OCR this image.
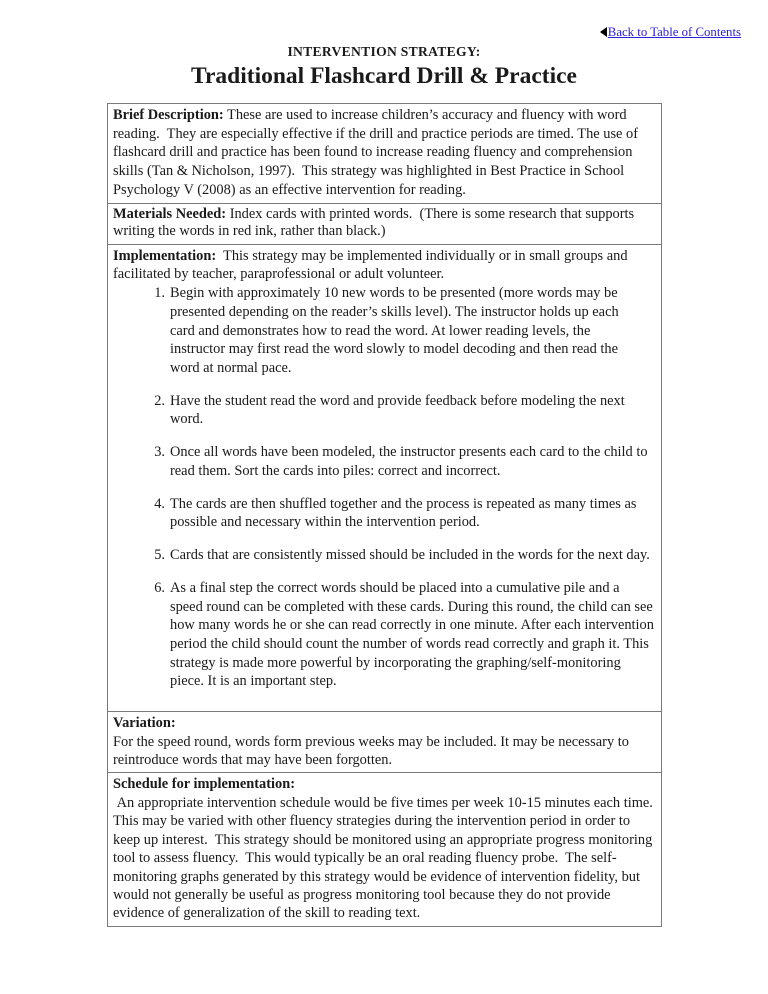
Back to Table of Contents

INTERVENTION STRATEGY:

Traditional Flashcard Drill & Practice
Brief Description: These are used to increase children’s accuracy and fluency with word reading.  They are especially effective if the drill and practice periods are timed. The use of flashcard drill and practice has been found to increase reading fluency and comprehension skills (Tan & Nicholson, 1997).  This strategy was highlighted in Best Practice in School Psychology V (2008) as an effective intervention for reading.
Materials Needed: Index cards with printed words.  (There is some research that supports writing the words in red ink, rather than black.)
Implementation:  This strategy may be implemented individually or in small groups and facilitated by teacher, paraprofessional or adult volunteer.
Begin with approximately 10 new words to be presented (more words may be presented depending on the reader’s skills level). The instructor holds up each card and demonstrates how to read the word. At lower reading levels, the instructor may first read the word slowly to model decoding and then read the word at normal pace.
Have the student read the word and provide feedback before modeling the next word.
Once all words have been modeled, the instructor presents each card to the child to read them. Sort the cards into piles: correct and incorrect.
The cards are then shuffled together and the process is repeated as many times as possible and necessary within the intervention period.
Cards that are consistently missed should be included in the words for the next day.
As a final step the correct words should be placed into a cumulative pile and a speed round can be completed with these cards. During this round, the child can see how many words he or she can read correctly in one minute. After each intervention period the child should count the number of words read correctly and graph it. This strategy is made more powerful by incorporating the graphing/self-monitoring piece. It is an important step.
Variation:
For the speed round, words form previous weeks may be included. It may be necessary to reintroduce words that may have been forgotten.
Schedule for implementation:
An appropriate intervention schedule would be five times per week 10-15 minutes each time.  This may be varied with other fluency strategies during the intervention period in order to keep up interest.  This strategy should be monitored using an appropriate progress monitoring tool to assess fluency.  This would typically be an oral reading fluency probe.  The self-monitoring graphs generated by this strategy would be evidence of intervention fidelity, but would not generally be useful as progress monitoring tool because they do not provide evidence of generalization of the skill to reading text.
